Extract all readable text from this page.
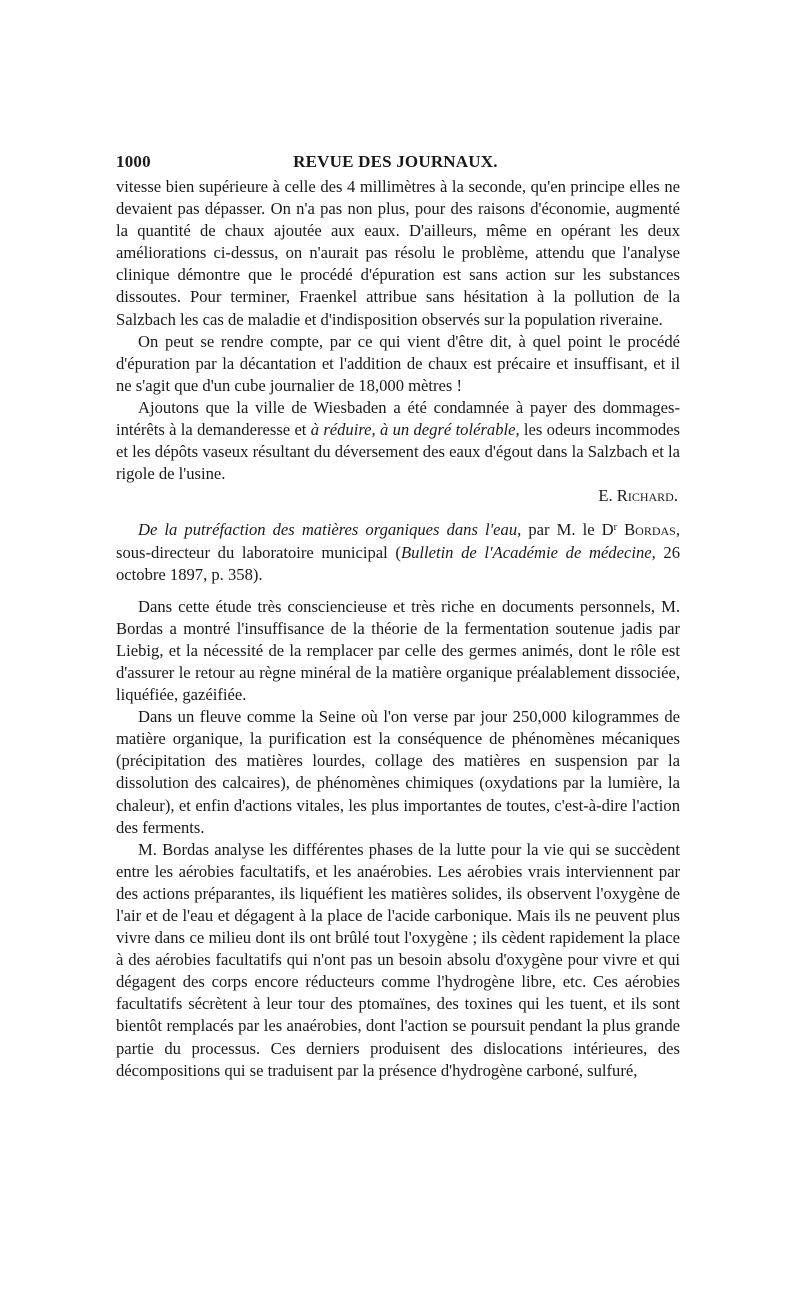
1000	REVUE DES JOURNAUX.

vitesse bien supérieure à celle des 4 millimètres à la seconde, qu'en principe elles ne devaient pas dépasser. On n'a pas non plus, pour des raisons d'économie, augmenté la quantité de chaux ajoutée aux eaux. D'ailleurs, même en opérant les deux améliorations ci-dessus, on n'aurait pas résolu le problème, attendu que l'analyse clinique démontre que le procédé d'épuration est sans action sur les substances dissoutes. Pour terminer, Fraenkel attribue sans hésitation à la pollution de la Salzbach les cas de maladie et d'indisposition observés sur la population riveraine.

On peut se rendre compte, par ce qui vient d'être dit, à quel point le procédé d'épuration par la décantation et l'addition de chaux est précaire et insuffisant, et il ne s'agit que d'un cube journalier de 18,000 mètres !

Ajoutons que la ville de Wiesbaden a été condamnée à payer des dommages-intérêts à la demanderesse et à réduire, à un degré tolérable, les odeurs incommodes et les dépôts vaseux résultant du déversement des eaux d'égout dans la Salzbach et la rigole de l'usine.

E. Richard.

De la putréfaction des matières organiques dans l'eau, par M. le $D^r$ Bordas, sous-directeur du laboratoire municipal (Bulletin de l'Académie de médecine, 26 octobre 1897, p. 358).

Dans cette étude très consciencieuse et très riche en documents personnels, M. Bordas a montré l'insuffisance de la théorie de la fermentation soutenue jadis par Liebig, et la nécessité de la remplacer par celle des germes animés, dont le rôle est d'assurer le retour au règne minéral de la matière organique préalablement dissociée, liquéfiée, gazéifiée.

Dans un fleuve comme la Seine où l'on verse par jour 250,000 kilogrammes de matière organique, la purification est la conséquence de phénomènes mécaniques (précipitation des matières lourdes, collage des matières en suspension par la dissolution des calcaires), de phénomènes chimiques (oxydations par la lumière, la chaleur), et enfin d'actions vitales, les plus importantes de toutes, c'est-à-dire l'action des ferments.

M. Bordas analyse les différentes phases de la lutte pour la vie qui se succèdent entre les aérobies facultatifs, et les anaérobies. Les aérobies vrais interviennent par des actions préparantes, ils liquéfient les matières solides, ils observent l'oxygène de l'air et de l'eau et dégagent à la place de l'acide carbonique. Mais ils ne peuvent plus vivre dans ce milieu dont ils ont brûlé tout l'oxygène ; ils cèdent rapidement la place à des aérobies facultatifs qui n'ont pas un besoin absolu d'oxygène pour vivre et qui dégagent des corps encore réducteurs comme l'hydrogène libre, etc. Ces aérobies facultatifs sécrètent à leur tour des ptomaïnes, des toxines qui les tuent, et ils sont bientôt remplacés par les anaérobies, dont l'action se poursuit pendant la plus grande partie du processus. Ces derniers produisent des dislocations intérieures, des décompositions qui se traduisent par la présence d'hydrogène carboné, sulfuré,
